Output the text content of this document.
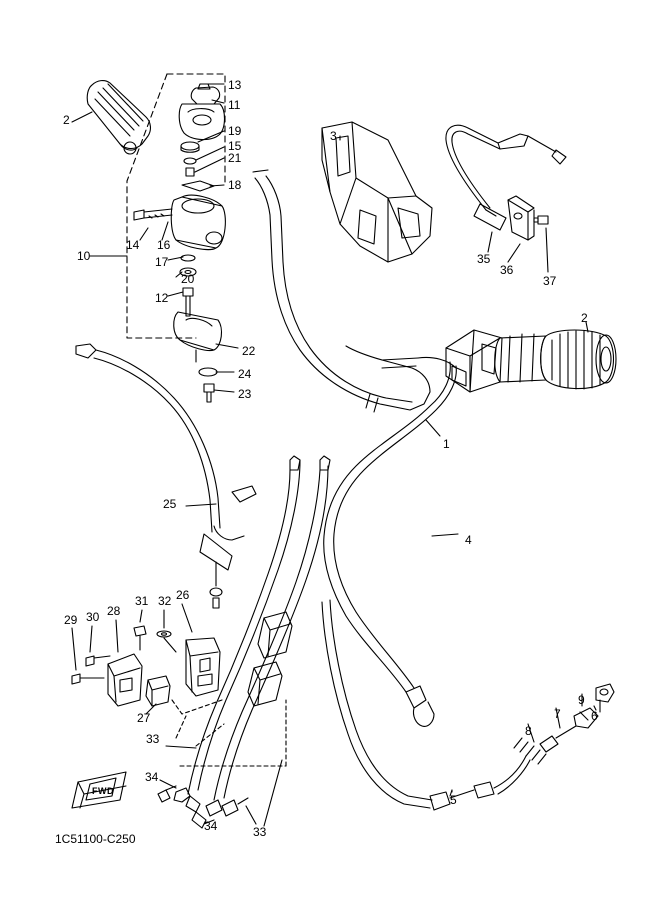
2
13
11
19
15
21
18
14 16
17
20
12
10
22
24
23
3
35
36
37
2
1
25
4
29 30 28
31 32 26
27
33
34
34	33
5
8
7
9
6
FWD
1C51100-C250
